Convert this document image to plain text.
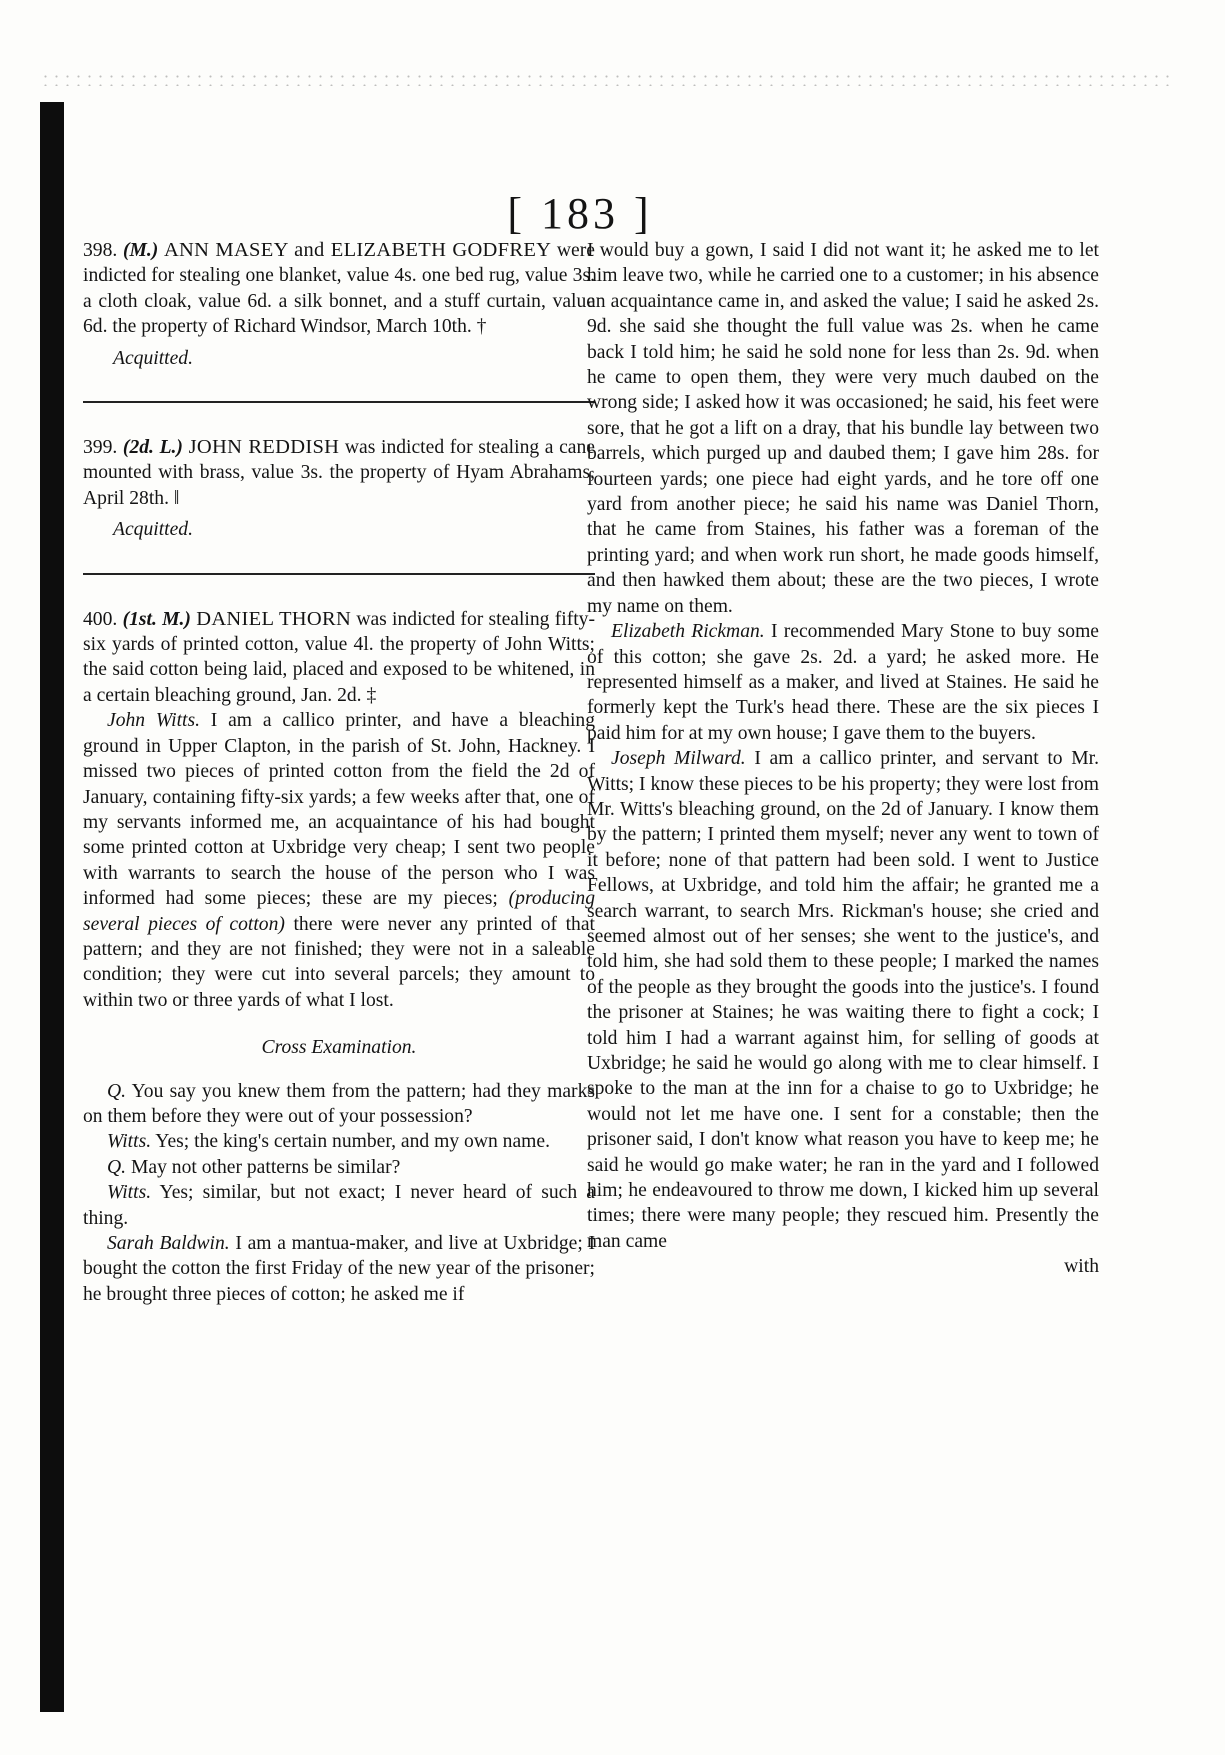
[ 183 ]

398. (M.) ANN MASEY and ELIZABETH GODFREY were indicted for stealing one blanket, value 4s. one bed rug, value 3s. a cloth cloak, value 6d. a silk bonnet, and a stuff curtain, value 6d. the property of Richard Windsor, March 10th. †

Acquitted.

399. (2d. L.) JOHN REDDISH was indicted for stealing a cane mounted with brass, value 3s. the property of Hyam Abrahams, April 28th. ‖

Acquitted.

400. (1st. M.) DANIEL THORN was indicted for stealing fifty-six yards of printed cotton, value 4l. the property of John Witts; the said cotton being laid, placed and exposed to be whitened, in a certain bleaching ground, Jan. 2d. ‡

John Witts. I am a callico printer, and have a bleaching ground in Upper Clapton, in the parish of St. John, Hackney. I missed two pieces of printed cotton from the field the 2d of January, containing fifty-six yards; a few weeks after that, one of my servants informed me, an acquaintance of his had bought some printed cotton at Uxbridge very cheap; I sent two people with warrants to search the house of the person who I was informed had some pieces; these are my pieces; (producing several pieces of cotton) there were never any printed of that pattern; and they are not finished; they were not in a saleable condition; they were cut into several parcels; they amount to within two or three yards of what I lost.

Cross Examination.

Q. You say you knew them from the pattern; had they marks on them before they were out of your possession?

Witts. Yes; the king's certain number, and my own name.

Q. May not other patterns be similar?

Witts. Yes; similar, but not exact; I never heard of such a thing.

Sarah Baldwin. I am a mantua-maker, and live at Uxbridge; I bought the cotton the first Friday of the new year of the prisoner; he brought three pieces of cotton; he asked me if

I would buy a gown, I said I did not want it; he asked me to let him leave two, while he carried one to a customer; in his absence an acquaintance came in, and asked the value; I said he asked 2s. 9d. she said she thought the full value was 2s. when he came back I told him; he said he sold none for less than 2s. 9d. when he came to open them, they were very much daubed on the wrong side; I asked how it was occasioned; he said, his feet were sore, that he got a lift on a dray, that his bundle lay between two barrels, which purged up and daubed them; I gave him 28s. for fourteen yards; one piece had eight yards, and he tore off one yard from another piece; he said his name was Daniel Thorn, that he came from Staines, his father was a foreman of the printing yard; and when work run short, he made goods himself, and then hawked them about; these are the two pieces, I wrote my name on them.

Elizabeth Rickman. I recommended Mary Stone to buy some of this cotton; she gave 2s. 2d. a yard; he asked more. He represented himself as a maker, and lived at Staines. He said he formerly kept the Turk's head there. These are the six pieces I paid him for at my own house; I gave them to the buyers.

Joseph Milward. I am a callico printer, and servant to Mr. Witts; I know these pieces to be his property; they were lost from Mr. Witts's bleaching ground, on the 2d of January. I know them by the pattern; I printed them myself; never any went to town of it before; none of that pattern had been sold. I went to Justice Fellows, at Uxbridge, and told him the affair; he granted me a search warrant, to search Mrs. Rickman's house; she cried and seemed almost out of her senses; she went to the justice's, and told him, she had sold them to these people; I marked the names of the people as they brought the goods into the justice's. I found the prisoner at Staines; he was waiting there to fight a cock; I told him I had a warrant against him, for selling of goods at Uxbridge; he said he would go along with me to clear himself. I spoke to the man at the inn for a chaise to go to Uxbridge; he would not let me have one. I sent for a constable; then the prisoner said, I don't know what reason you have to keep me; he said he would go make water; he ran in the yard and I followed him; he endeavoured to throw me down, I kicked him up several times; there were many people; they rescued him. Presently the man came

with
